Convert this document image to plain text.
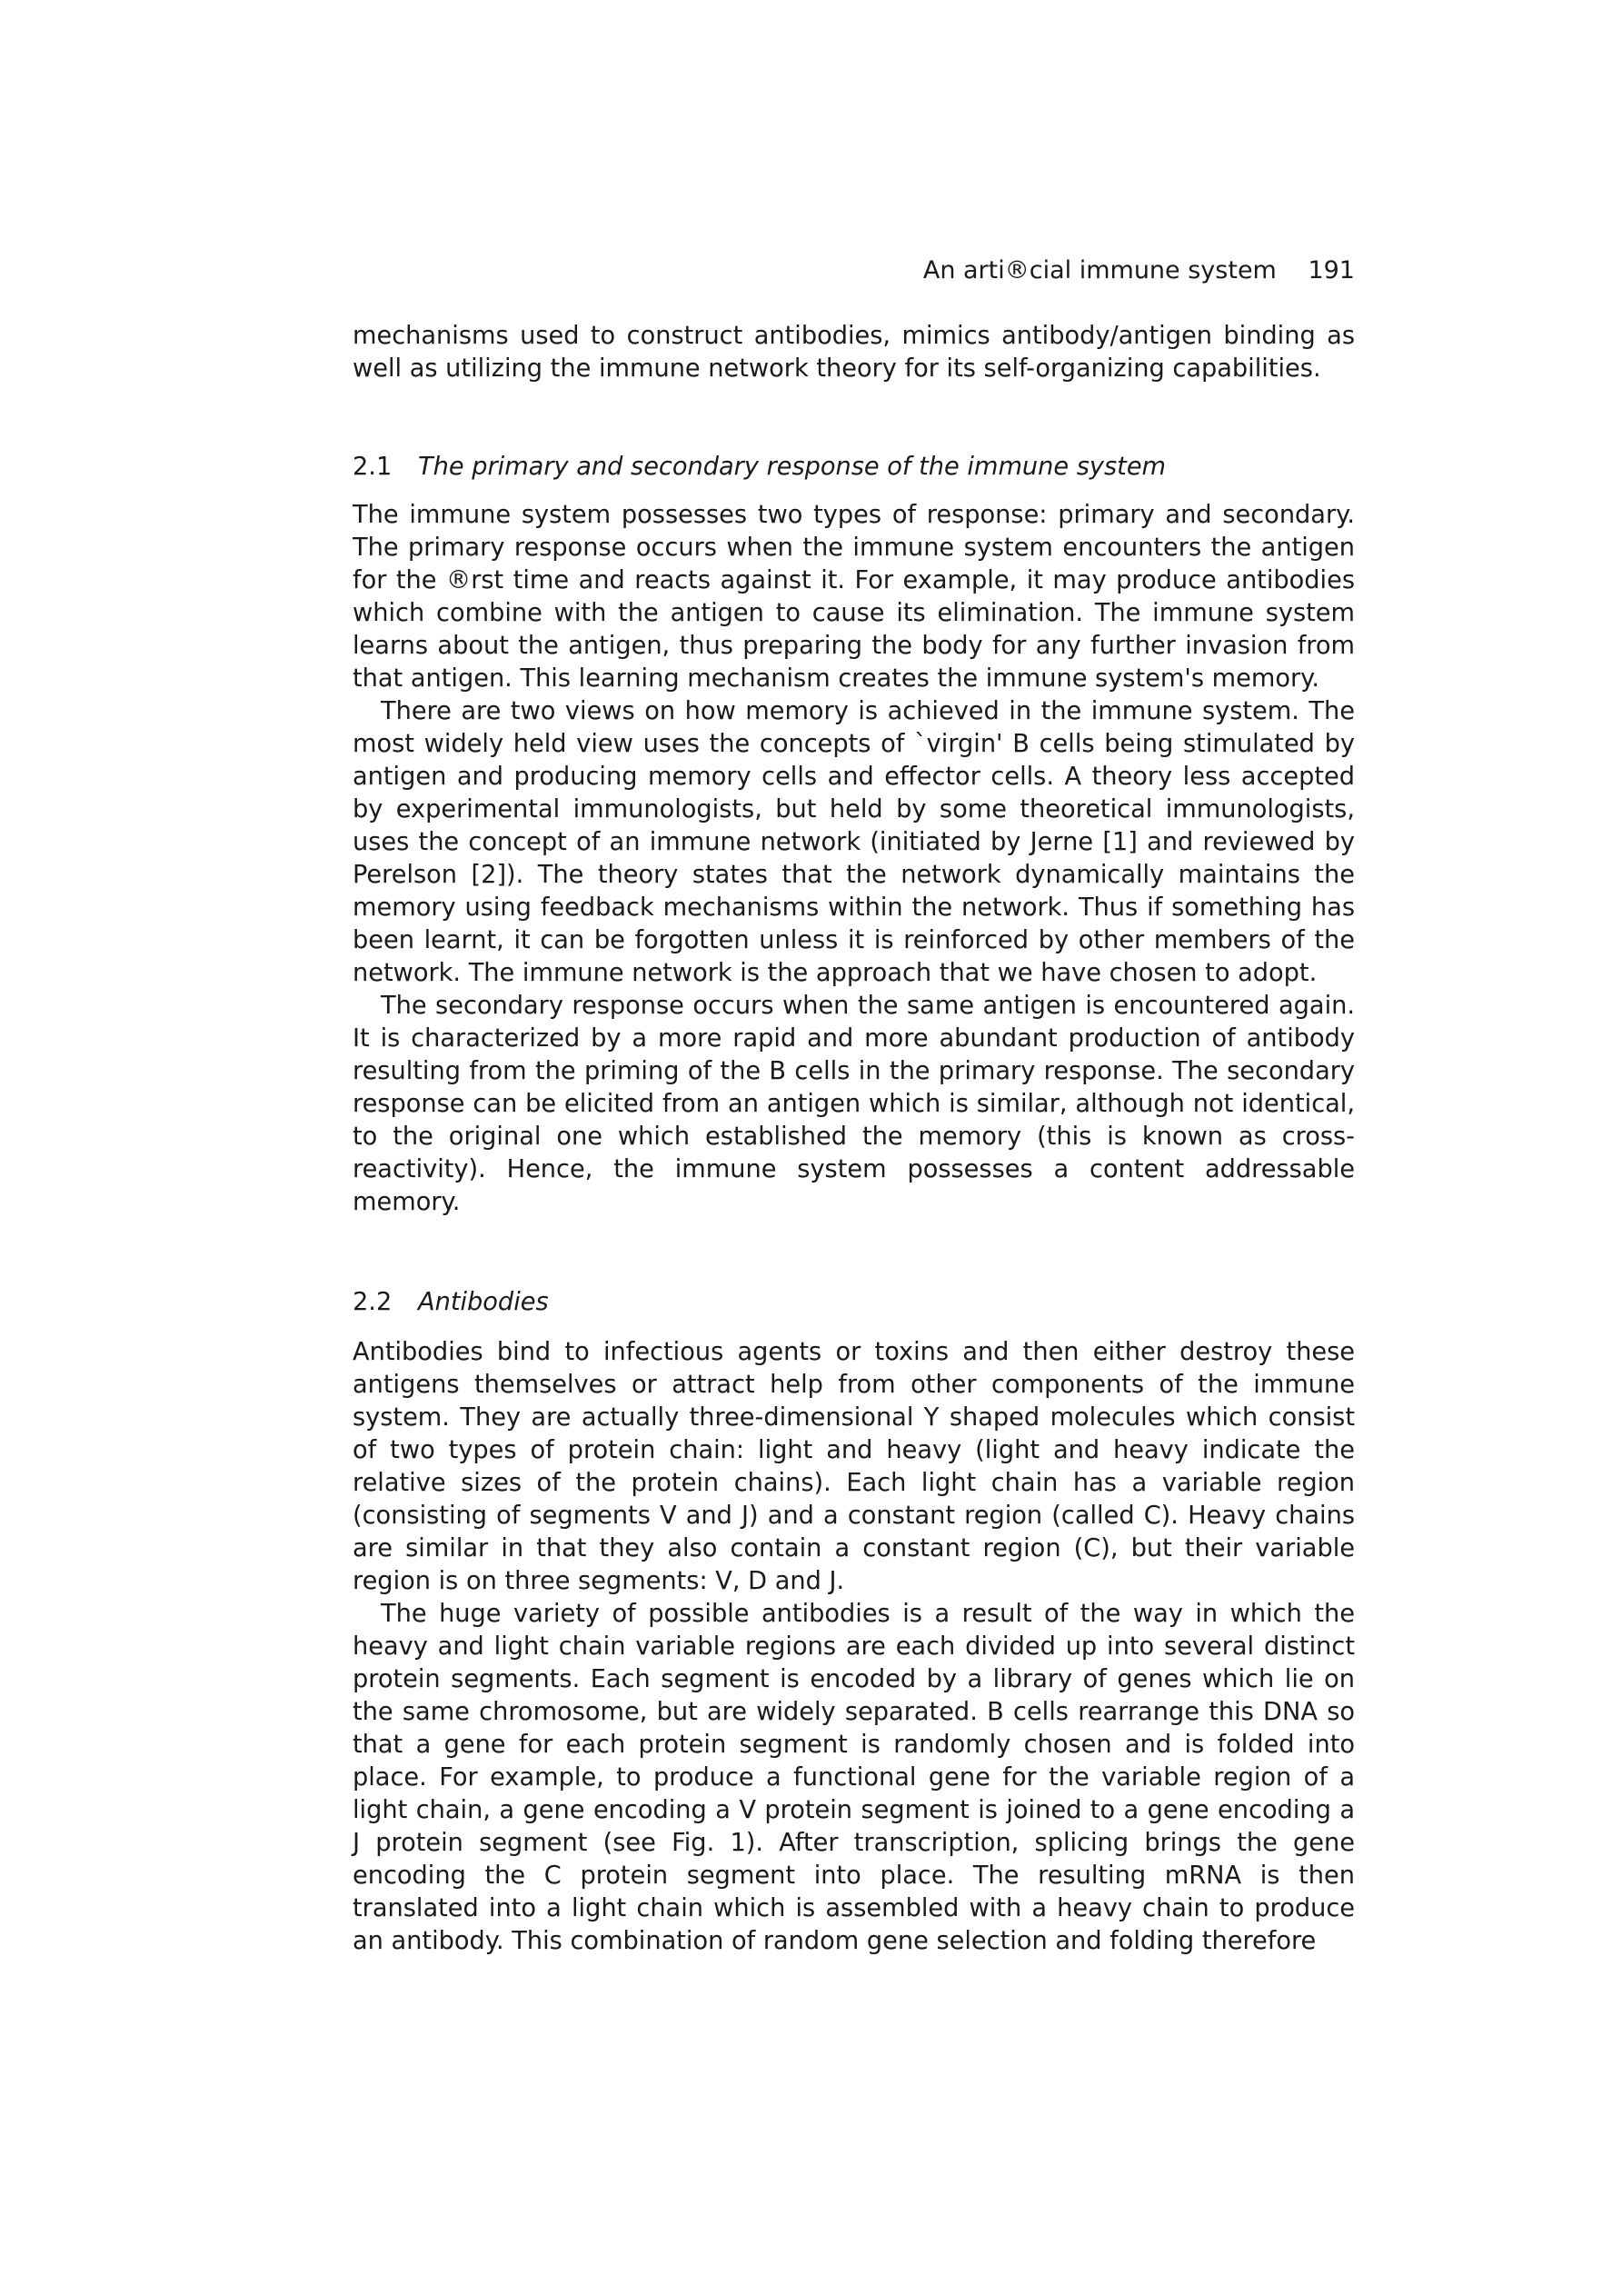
An arti®cial immune system 191

mechanisms used to construct antibodies, mimics antibody/antigen binding as well as utilizing the immune network theory for its self-organizing capabilities.

2.1 The primary and secondary response of the immune system

The immune system possesses two types of response: primary and secondary. The primary response occurs when the immune system encounters the antigen for the ®rst time and reacts against it. For example, it may produce antibodies which combine with the antigen to cause its elimination. The immune system learns about the antigen, thus preparing the body for any further invasion from that antigen. This learning mechanism creates the immune system's memory.

There are two views on how memory is achieved in the immune system. The most widely held view uses the concepts of `virgin' B cells being stimulated by antigen and producing memory cells and effector cells. A theory less accepted by experimental immunologists, but held by some theoretical immunologists, uses the concept of an immune network (initiated by Jerne [1] and reviewed by Perelson [2]). The theory states that the network dynamically maintains the memory using feedback mechanisms within the network. Thus if something has been learnt, it can be forgotten unless it is reinforced by other members of the network. The immune network is the approach that we have chosen to adopt.

The secondary response occurs when the same antigen is encountered again. It is characterized by a more rapid and more abundant production of antibody resulting from the priming of the B cells in the primary response. The secondary response can be elicited from an antigen which is similar, although not identical, to the original one which established the memory (this is known as cross-reactivity). Hence, the immune system possesses a content addressable memory.

2.2 Antibodies

Antibodies bind to infectious agents or toxins and then either destroy these antigens themselves or attract help from other components of the immune system. They are actually three-dimensional Y shaped molecules which consist of two types of protein chain: light and heavy (light and heavy indicate the relative sizes of the protein chains). Each light chain has a variable region (consisting of segments V and J) and a constant region (called C). Heavy chains are similar in that they also contain a constant region (C), but their variable region is on three segments: V, D and J.

The huge variety of possible antibodies is a result of the way in which the heavy and light chain variable regions are each divided up into several distinct protein segments. Each segment is encoded by a library of genes which lie on the same chromosome, but are widely separated. B cells rearrange this DNA so that a gene for each protein segment is randomly chosen and is folded into place. For example, to produce a functional gene for the variable region of a light chain, a gene encoding a V protein segment is joined to a gene encoding a J protein segment (see Fig. 1). After transcription, splicing brings the gene encoding the C protein segment into place. The resulting mRNA is then translated into a light chain which is assembled with a heavy chain to produce an antibody. This combination of random gene selection and folding therefore
